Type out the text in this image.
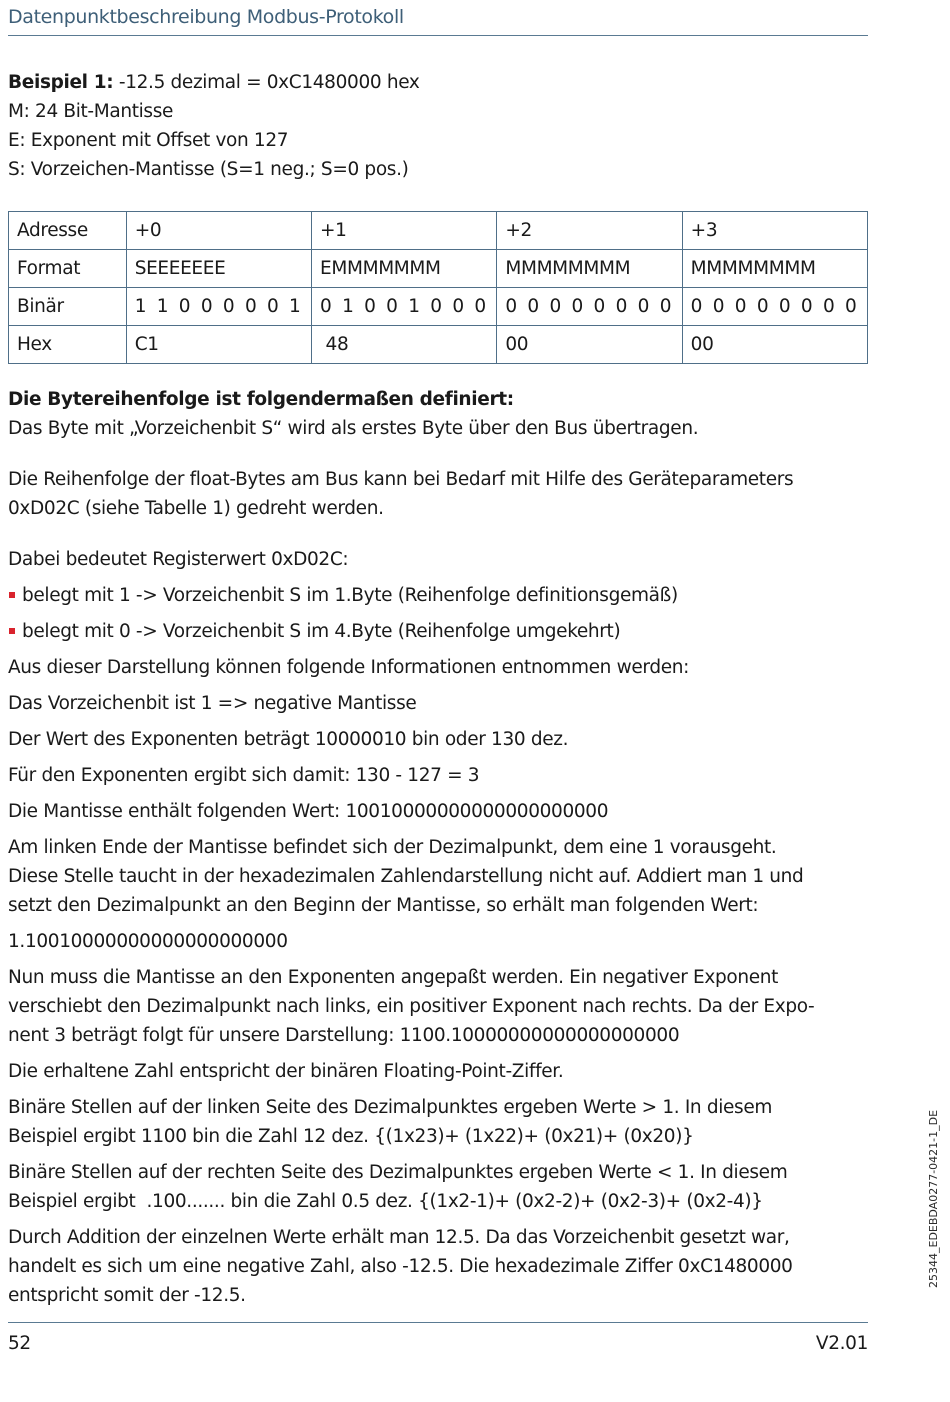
Datenpunktbeschreibung Modbus-Protokoll

Beispiel 1: -12.5 dezimal = 0xC1480000 hex

M: 24 Bit-Mantisse

E: Exponent mit Offset von 127

S: Vorzeichen-Mantisse (S=1 neg.; S=0 pos.)

Adresse	+0	+1	+2	+3
Format	SEEEEEEE	EMMMMMMM	MMMMMMMM	MMMMMMMM
Binär	1 1 0 0 0 0 0 1	0 1 0 0 1 0 0 0	0 0 0 0 0 0 0 0	0 0 0 0 0 0 0 0
Hex	C1	48	00	00

Die Bytereihenfolge ist folgendermaßen definiert:

Das Byte mit „Vorzeichenbit S“ wird als erstes Byte über den Bus übertragen.

Die Reihenfolge der float-Bytes am Bus kann bei Bedarf mit Hilfe des Geräteparameters

0xD02C (siehe Tabelle 1) gedreht werden.

Dabei bedeutet Registerwert 0xD02C:

belegt mit 1 -> Vorzeichenbit S im 1.Byte (Reihenfolge definitionsgemäß)

belegt mit 0 -> Vorzeichenbit S im 4.Byte (Reihenfolge umgekehrt)

Aus dieser Darstellung können folgende Informationen entnommen werden:

Das Vorzeichenbit ist 1 => negative Mantisse

Der Wert des Exponenten beträgt 10000010 bin oder 130 dez.

Für den Exponenten ergibt sich damit: 130 - 127 = 3

Die Mantisse enthält folgenden Wert: 10010000000000000000000

Am linken Ende der Mantisse befindet sich der Dezimalpunkt, dem eine 1 vorausgeht.

Diese Stelle taucht in der hexadezimalen Zahlendarstellung nicht auf. Addiert man 1 und

setzt den Dezimalpunkt an den Beginn der Mantisse, so erhält man folgenden Wert:

1.10010000000000000000000

Nun muss die Mantisse an den Exponenten angepaßt werden. Ein negativer Exponent

verschiebt den Dezimalpunkt nach links, ein positiver Exponent nach rechts. Da der Expo-

nent 3 beträgt folgt für unsere Darstellung: 1100.10000000000000000000

Die erhaltene Zahl entspricht der binären Floating-Point-Ziffer.

Binäre Stellen auf der linken Seite des Dezimalpunktes ergeben Werte > 1. In diesem

Beispiel ergibt 1100 bin die Zahl 12 dez. {(1x23)+ (1x22)+ (0x21)+ (0x20)}

Binäre Stellen auf der rechten Seite des Dezimalpunktes ergeben Werte < 1. In diesem

Beispiel ergibt  .100....... bin die Zahl 0.5 dez. {(1x2-1)+ (0x2-2)+ (0x2-3)+ (0x2-4)}

Durch Addition der einzelnen Werte erhält man 12.5. Da das Vorzeichenbit gesetzt war,

handelt es sich um eine negative Zahl, also -12.5. Die hexadezimale Ziffer 0xC1480000

entspricht somit der -12.5.

25344_EDEBDA0277-0421-1_DE
52	V2.01
